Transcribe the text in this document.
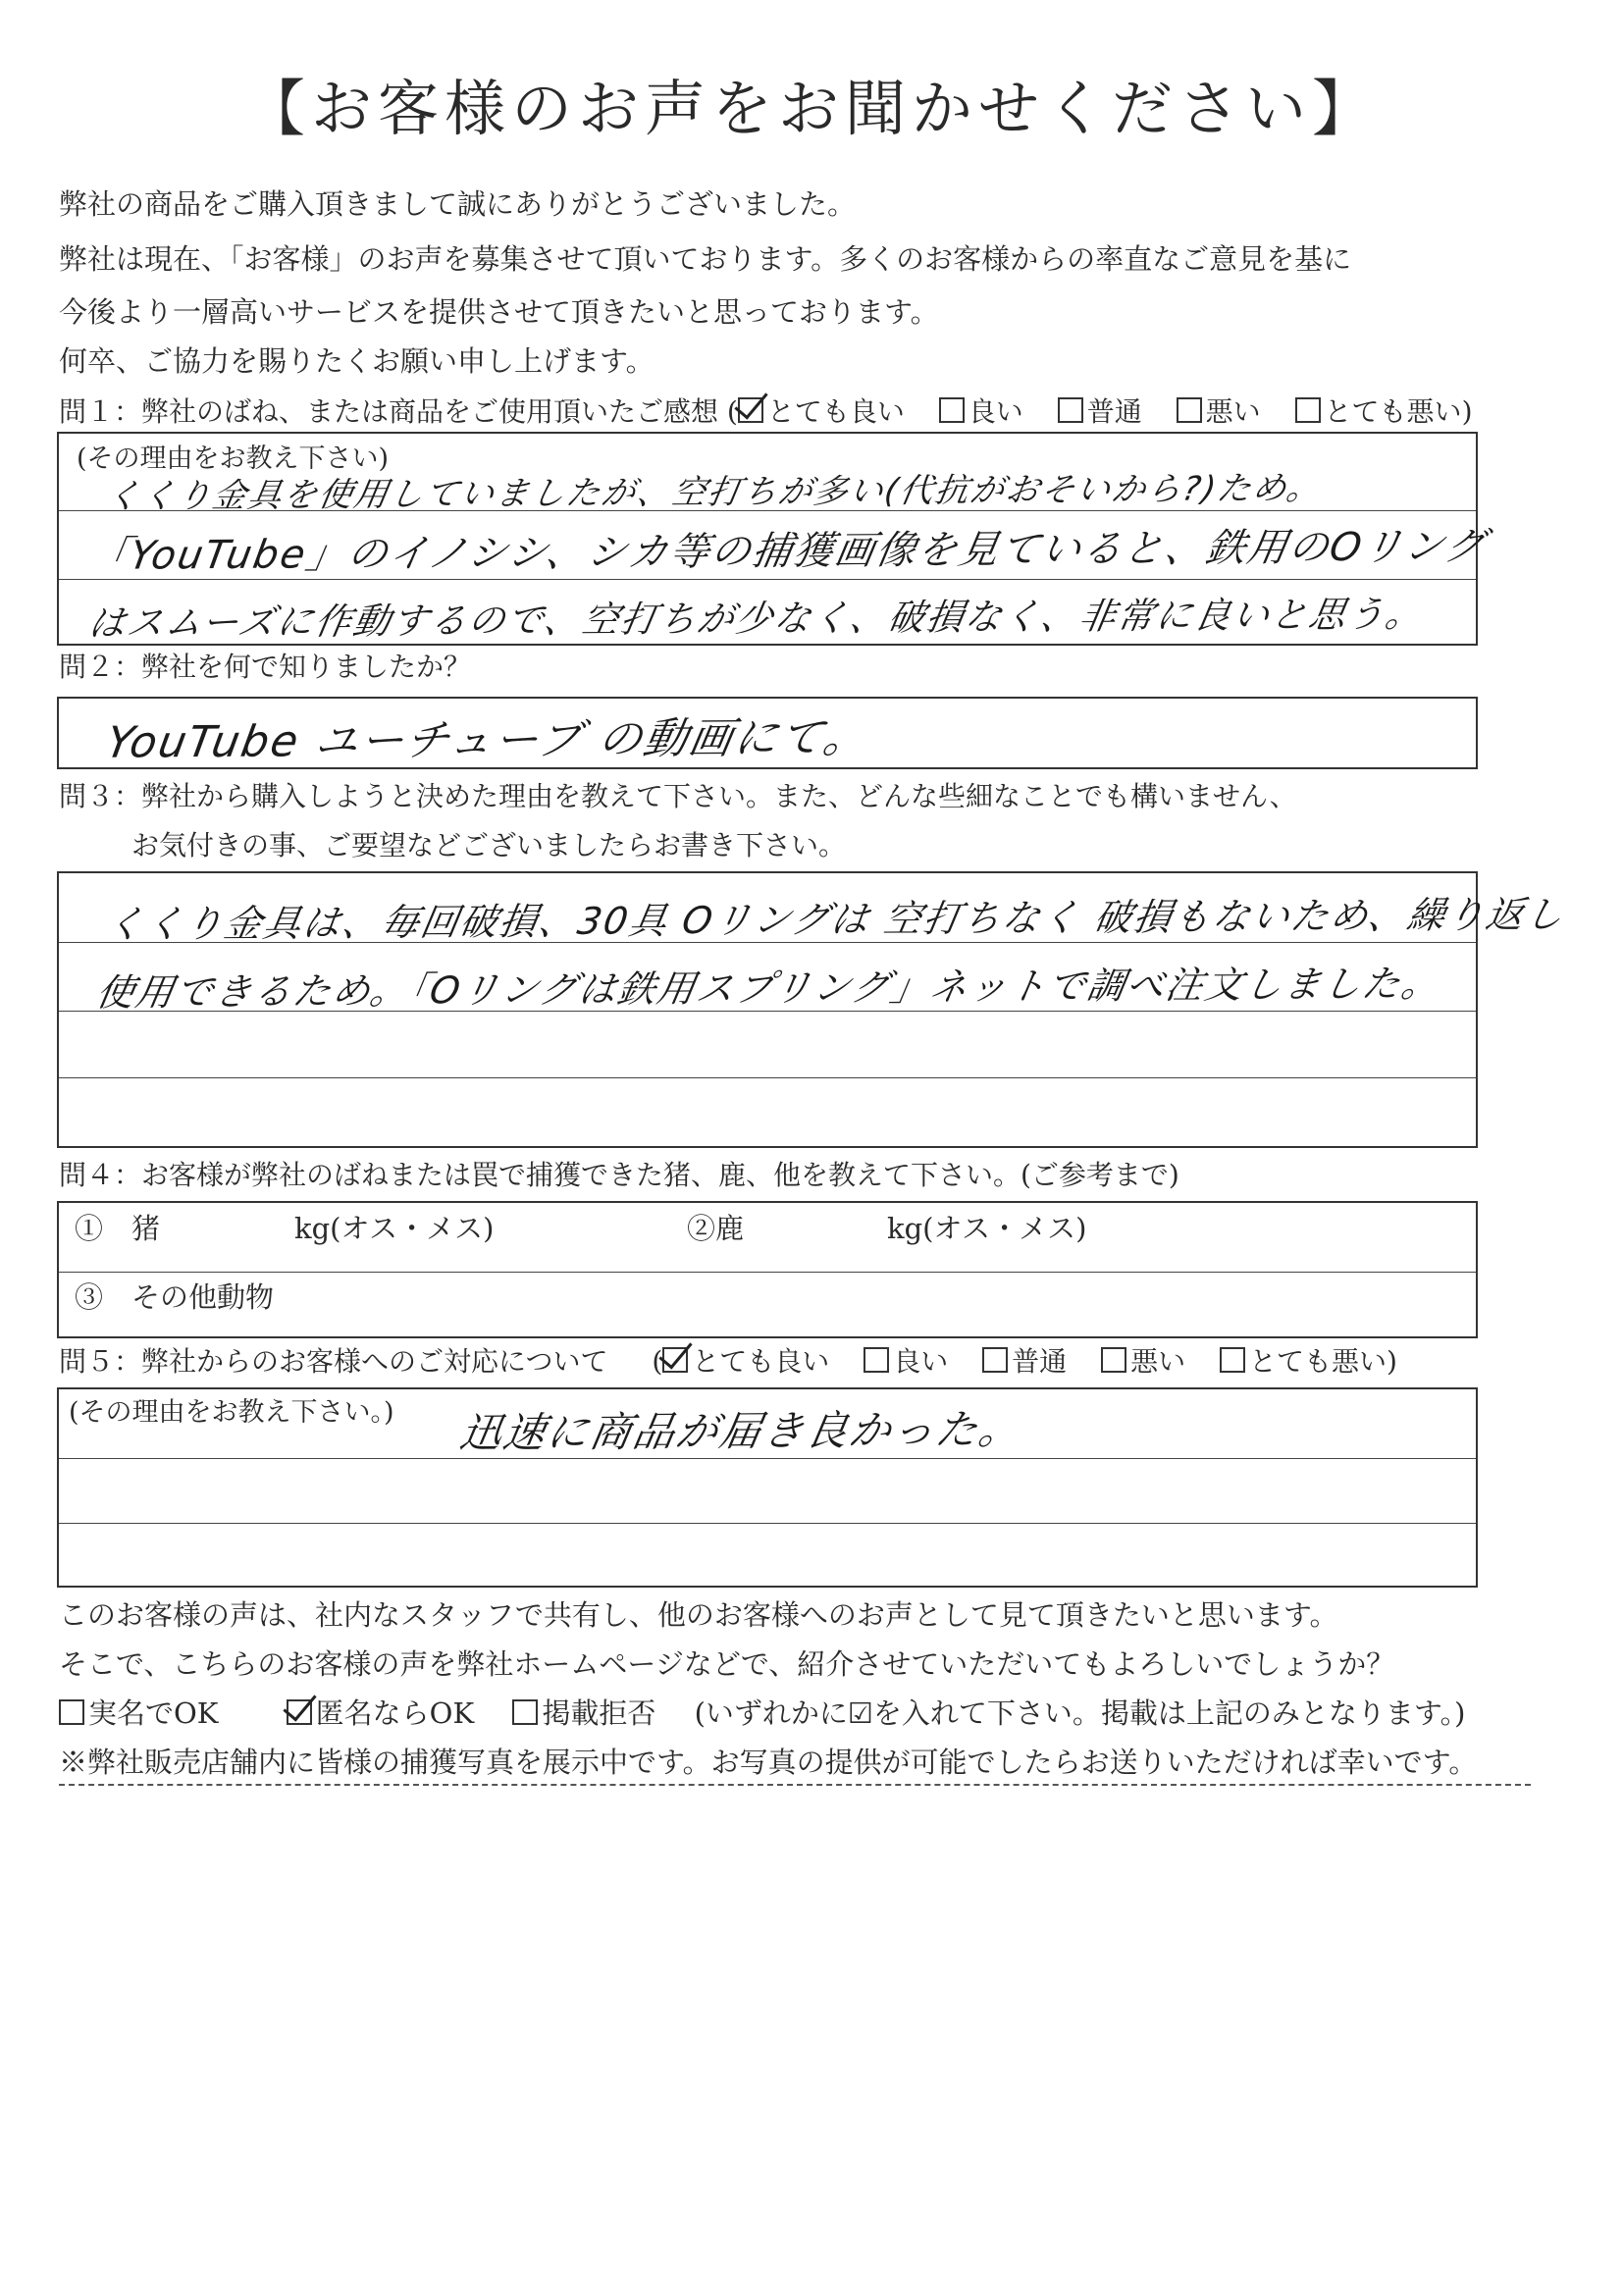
【お客様のお声をお聞かせください】
弊社の商品をご購入頂きまして誠にありがとうございました。
弊社は現在、「お客様」のお声を募集させて頂いております。多くのお客様からの率直なご意見を基に
今後より一層高いサービスを提供させて頂きたいと思っております。
何卒、ご協力を賜りたくお願い申し上げます。
問１：弊社のばね、または商品をご使用頂いたご感想 ( とても良い 良い 普通 悪い とても悪い)
(その理由をお教え下さい)
くくり金具を使用していましたが、空打ちが多い(代抗がおそいから?)ため。
「YouTube」のイノシシ、シカ等の捕獲画像を見ていると、鉄用のOリング
はスムーズに作動するので、空打ちが少なく、破損なく、非常に良いと思う。
問２：弊社を何で知りましたか？
YouTube ユーチューブ の動画にて。
問３：弊社から購入しようと決めた理由を教えて下さい。また、どんな些細なことでも構いません、
お気付きの事、ご要望などございましたらお書き下さい。
くくり金具は、毎回破損、30具 Oリングは 空打ちなく 破損もないため、繰り返し
使用できるため。「Oリングは鉄用スプリング」ネットで調べ注文しました。
問４：お客様が弊社のばねまたは罠で捕獲できた猪、鹿、他を教えて下さい。(ご参考まで)
①　猪	kg(オス・メス)	②鹿	kg(オス・メス)
③　その他動物
問５：弊社からのお客様へのご対応について ( とても良い 良い 普通 悪い とても悪い)
(その理由をお教え下さい。) 迅速に商品が届き良かった。
このお客様の声は、社内なスタッフで共有し、他のお客様へのお声として見て頂きたいと思います。
そこで、こちらのお客様の声を弊社ホームページなどで、紹介させていただいてもよろしいでしょうか？
実名でOK	匿名ならOK 掲載拒否 (いずれかに☑を入れて下さい。掲載は上記のみとなります。)
※弊社販売店舗内に皆様の捕獲写真を展示中です。お写真の提供が可能でしたらお送りいただければ幸いです。
